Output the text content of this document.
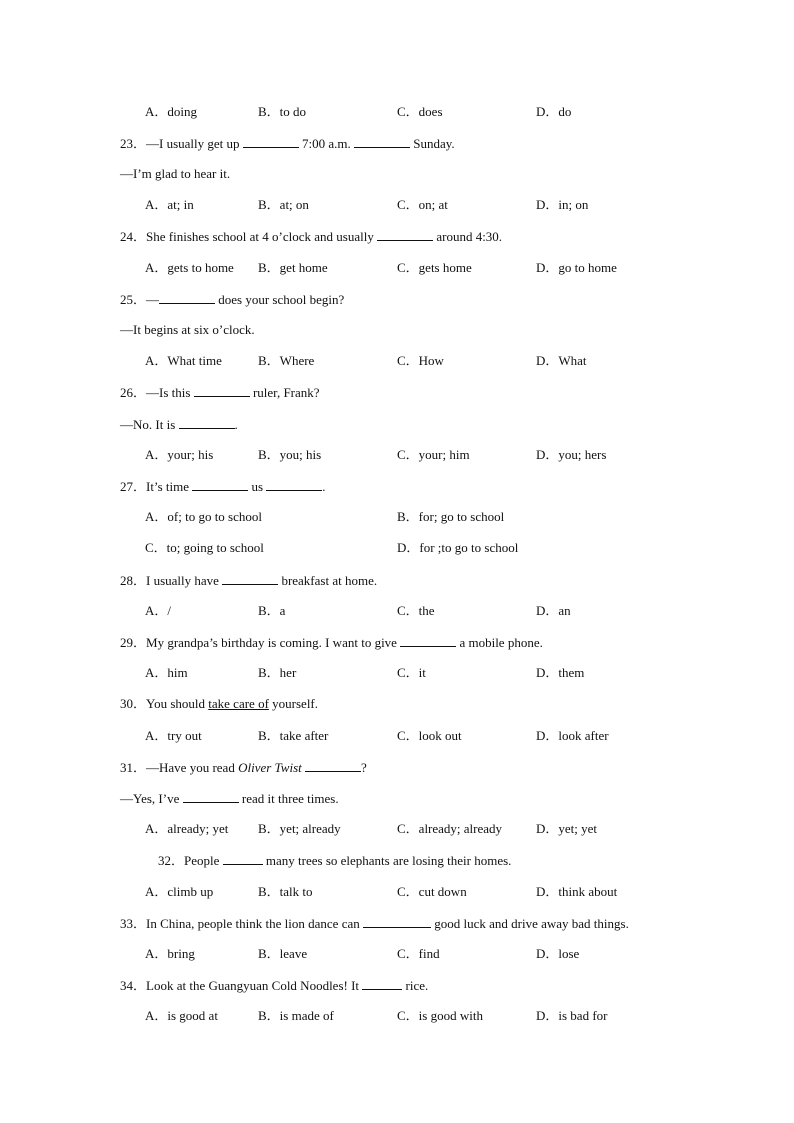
A．doing	B．to do	C．does	D．do
23．—I usually get up	7:00 a.m.	Sunday.
—I’m glad to hear it.
A．at; in	B．at; on	C．on; at	D．in; on
24．She finishes school at 4 o’clock and usually	around 4:30.
A．gets to home B．get home	C．gets home	D．go to home
25．—	does your school begin?
—It begins at six o’clock.
A．What time	B．Where	C．How	D．What
26．—Is this	ruler, Frank?
—No. It is	.
A．your; his	B．you; his	C．your; him	D．you; hers
27．It’s time	us	.
A．of; to go to school	B．for; go to school
C．to; going to school	D．for ;to go to school
28．I usually have	breakfast at home.
A．/	B．a	C．the	D．an
29．My grandpa’s birthday is coming. I want to give	a mobile phone.
A．him	B．her	C．it	D．them
30．You should take care of yourself.
A．try out	B．take after	C．look out	D．look after
31．—Have you read Oliver Twist	?
—Yes, I’ve	read it three times.
A．already; yet B．yet; already	C．already; already	D．yet; yet
32．People	many trees so elephants are losing their homes.
A．climb up	B．talk to	C．cut down	D．think about
33．In China, people think the lion dance can	good luck and drive away bad things.
A．bring	B．leave	C．find	D．lose
34．Look at the Guangyuan Cold Noodles! It	rice.
A．is good at	B．is made of	C．is good with	D．is bad for
